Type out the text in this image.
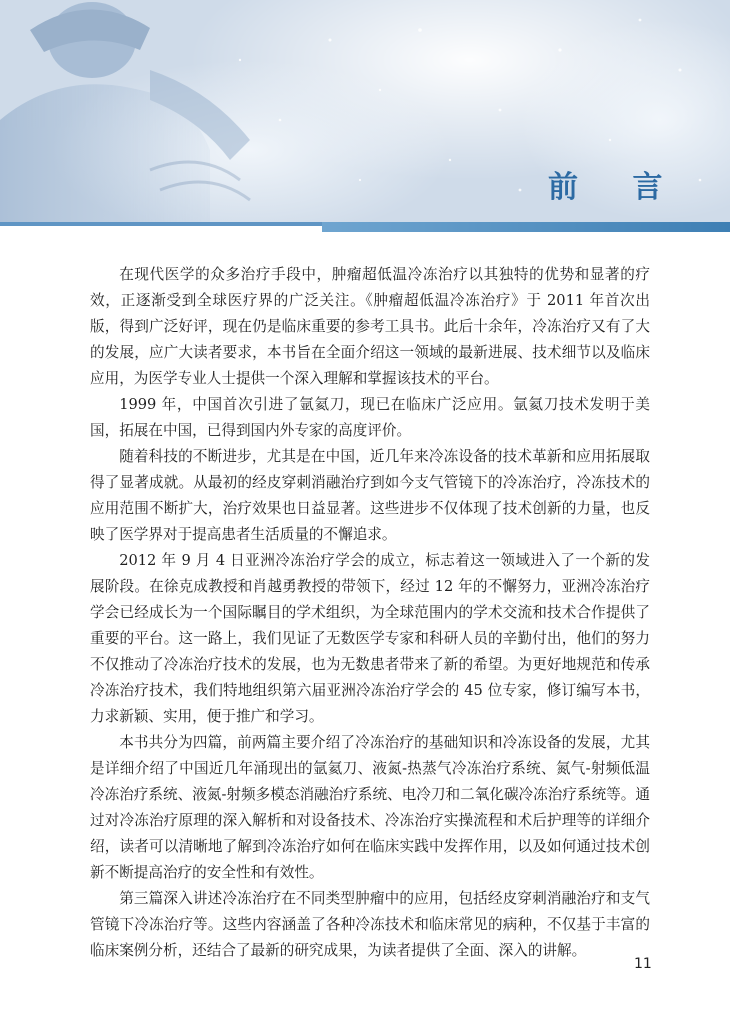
前 言

在现代医学的众多治疗手段中，肿瘤超低温冷冻治疗以其独特的优势和显著的疗效，正逐渐受到全球医疗界的广泛关注。《肿瘤超低温冷冻治疗》于 2011 年首次出版，得到广泛好评，现在仍是临床重要的参考工具书。此后十余年，冷冻治疗又有了大的发展，应广大读者要求，本书旨在全面介绍这一领域的最新进展、技术细节以及临床应用，为医学专业人士提供一个深入理解和掌握该技术的平台。

1999 年，中国首次引进了氩氦刀，现已在临床广泛应用。氩氦刀技术发明于美国，拓展在中国，已得到国内外专家的高度评价。

随着科技的不断进步，尤其是在中国，近几年来冷冻设备的技术革新和应用拓展取得了显著成就。从最初的经皮穿刺消融治疗到如今支气管镜下的冷冻治疗，冷冻技术的应用范围不断扩大，治疗效果也日益显著。这些进步不仅体现了技术创新的力量，也反映了医学界对于提高患者生活质量的不懈追求。

2012 年 9 月 4 日亚洲冷冻治疗学会的成立，标志着这一领域进入了一个新的发展阶段。在徐克成教授和肖越勇教授的带领下，经过 12 年的不懈努力，亚洲冷冻治疗学会已经成长为一个国际瞩目的学术组织，为全球范围内的学术交流和技术合作提供了重要的平台。这一路上，我们见证了无数医学专家和科研人员的辛勤付出，他们的努力不仅推动了冷冻治疗技术的发展，也为无数患者带来了新的希望。为更好地规范和传承冷冻治疗技术，我们特地组织第六届亚洲冷冻治疗学会的 45 位专家，修订编写本书，力求新颖、实用，便于推广和学习。

本书共分为四篇，前两篇主要介绍了冷冻治疗的基础知识和冷冻设备的发展，尤其是详细介绍了中国近几年涌现出的氩氦刀、液氮-热蒸气冷冻治疗系统、氮气-射频低温冷冻治疗系统、液氮-射频多模态消融治疗系统、电冷刀和二氧化碳冷冻治疗系统等。通过对冷冻治疗原理的深入解析和对设备技术、冷冻治疗实操流程和术后护理等的详细介绍，读者可以清晰地了解到冷冻治疗如何在临床实践中发挥作用，以及如何通过技术创新不断提高治疗的安全性和有效性。

第三篇深入讲述冷冻治疗在不同类型肿瘤中的应用，包括经皮穿刺消融治疗和支气管镜下冷冻治疗等。这些内容涵盖了各种冷冻技术和临床常见的病种，不仅基于丰富的临床案例分析，还结合了最新的研究成果，为读者提供了全面、深入的讲解。

11
